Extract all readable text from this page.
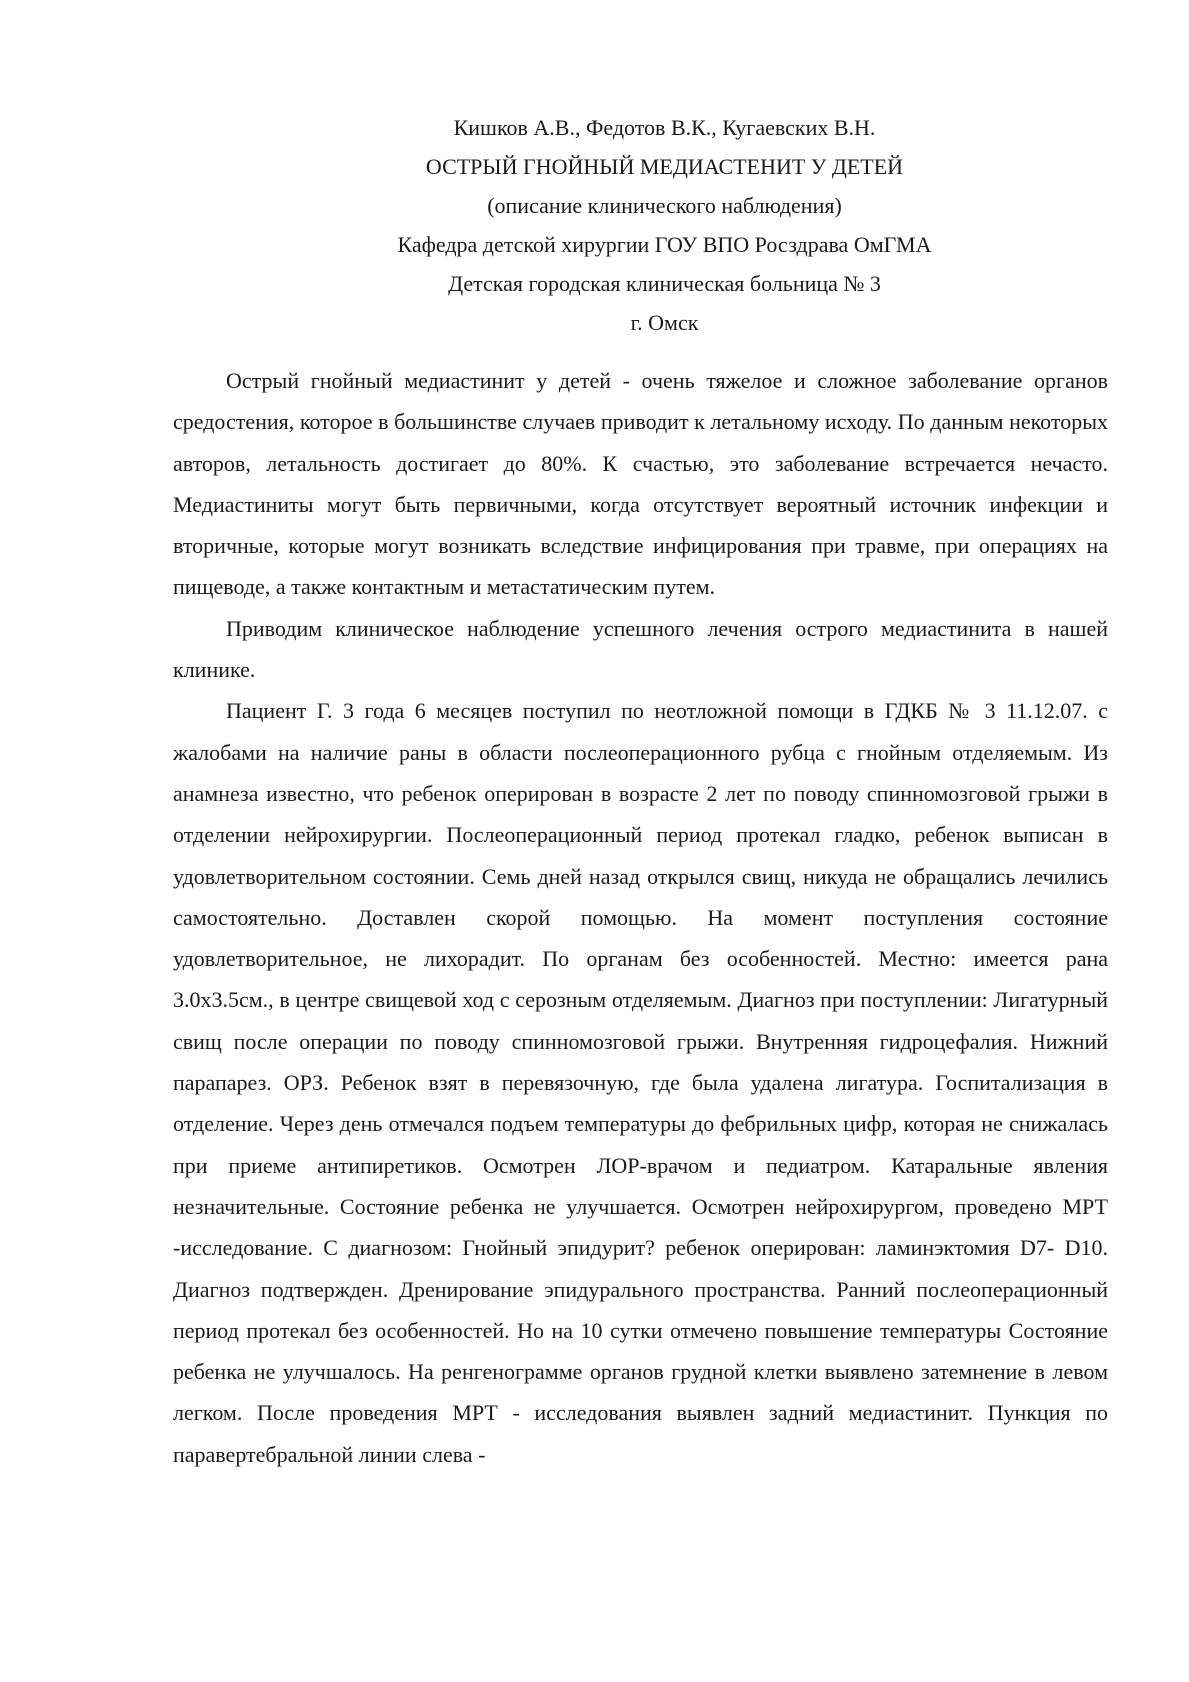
Кишков А.В., Федотов В.К., Кугаевских В.Н.
ОСТРЫЙ ГНОЙНЫЙ МЕДИАСТЕНИТ У ДЕТЕЙ
(описание клинического наблюдения)
Кафедра детской хирургии ГОУ ВПО Росздрава ОмГМА
Детская городская клиническая больница № 3
г. Омск

Острый гнойный медиастинит у детей - очень тяжелое и сложное заболевание органов средостения, которое в большинстве случаев приводит к летальному исходу. По данным некоторых авторов, летальность достигает до 80%. К счастью, это заболевание встречается нечасто. Медиастиниты могут быть первичными, когда отсутствует вероятный источник инфекции и вторичные, которые могут возникать вследствие инфицирования при травме, при операциях на пищеводе, а также контактным и метастатическим путем.

Приводим клиническое наблюдение успешного лечения острого медиастинита в нашей клинике.

Пациент Г. 3 года 6 месяцев поступил по неотложной помощи в ГДКБ № 3 11.12.07. с жалобами на наличие раны в области послеоперационного рубца с гнойным отделяемым. Из анамнеза известно, что ребенок оперирован в возрасте 2 лет по поводу спинномозговой грыжи в отделении нейрохирургии. Послеоперационный период протекал гладко, ребенок выписан в удовлетворительном состоянии. Семь дней назад открылся свищ, никуда не обращались лечились самостоятельно. Доставлен скорой помощью. На момент поступления состояние удовлетворительное, не лихорадит. По органам без особенностей. Местно: имеется рана 3.0х3.5см., в центре свищевой ход с серозным отделяемым. Диагноз при поступлении: Лигатурный свищ после операции по поводу спинномозговой грыжи. Внутренняя гидроцефалия. Нижний парапарез. ОРЗ. Ребенок взят в перевязочную, где была удалена лигатура. Госпитализация в отделение. Через день отмечался подъем температуры до фебрильных цифр, которая не снижалась при приеме антипиретиков. Осмотрен ЛОР-врачом и педиатром. Катаральные явления незначительные. Состояние ребенка не улучшается. Осмотрен нейрохирургом, проведено МРТ -исследование. С диагнозом: Гнойный эпидурит? ребенок оперирован: ламинэктомия D7- D10. Диагноз подтвержден. Дренирование эпидурального пространства. Ранний послеоперационный период протекал без особенностей. Но на 10 сутки отмечено повышение температуры Состояние ребенка не улучшалось. На ренгенограмме органов грудной клетки выявлено затемнение в левом легком. После проведения МРТ - исследования выявлен задний медиастинит. Пункция по паравертебральной линии слева -
